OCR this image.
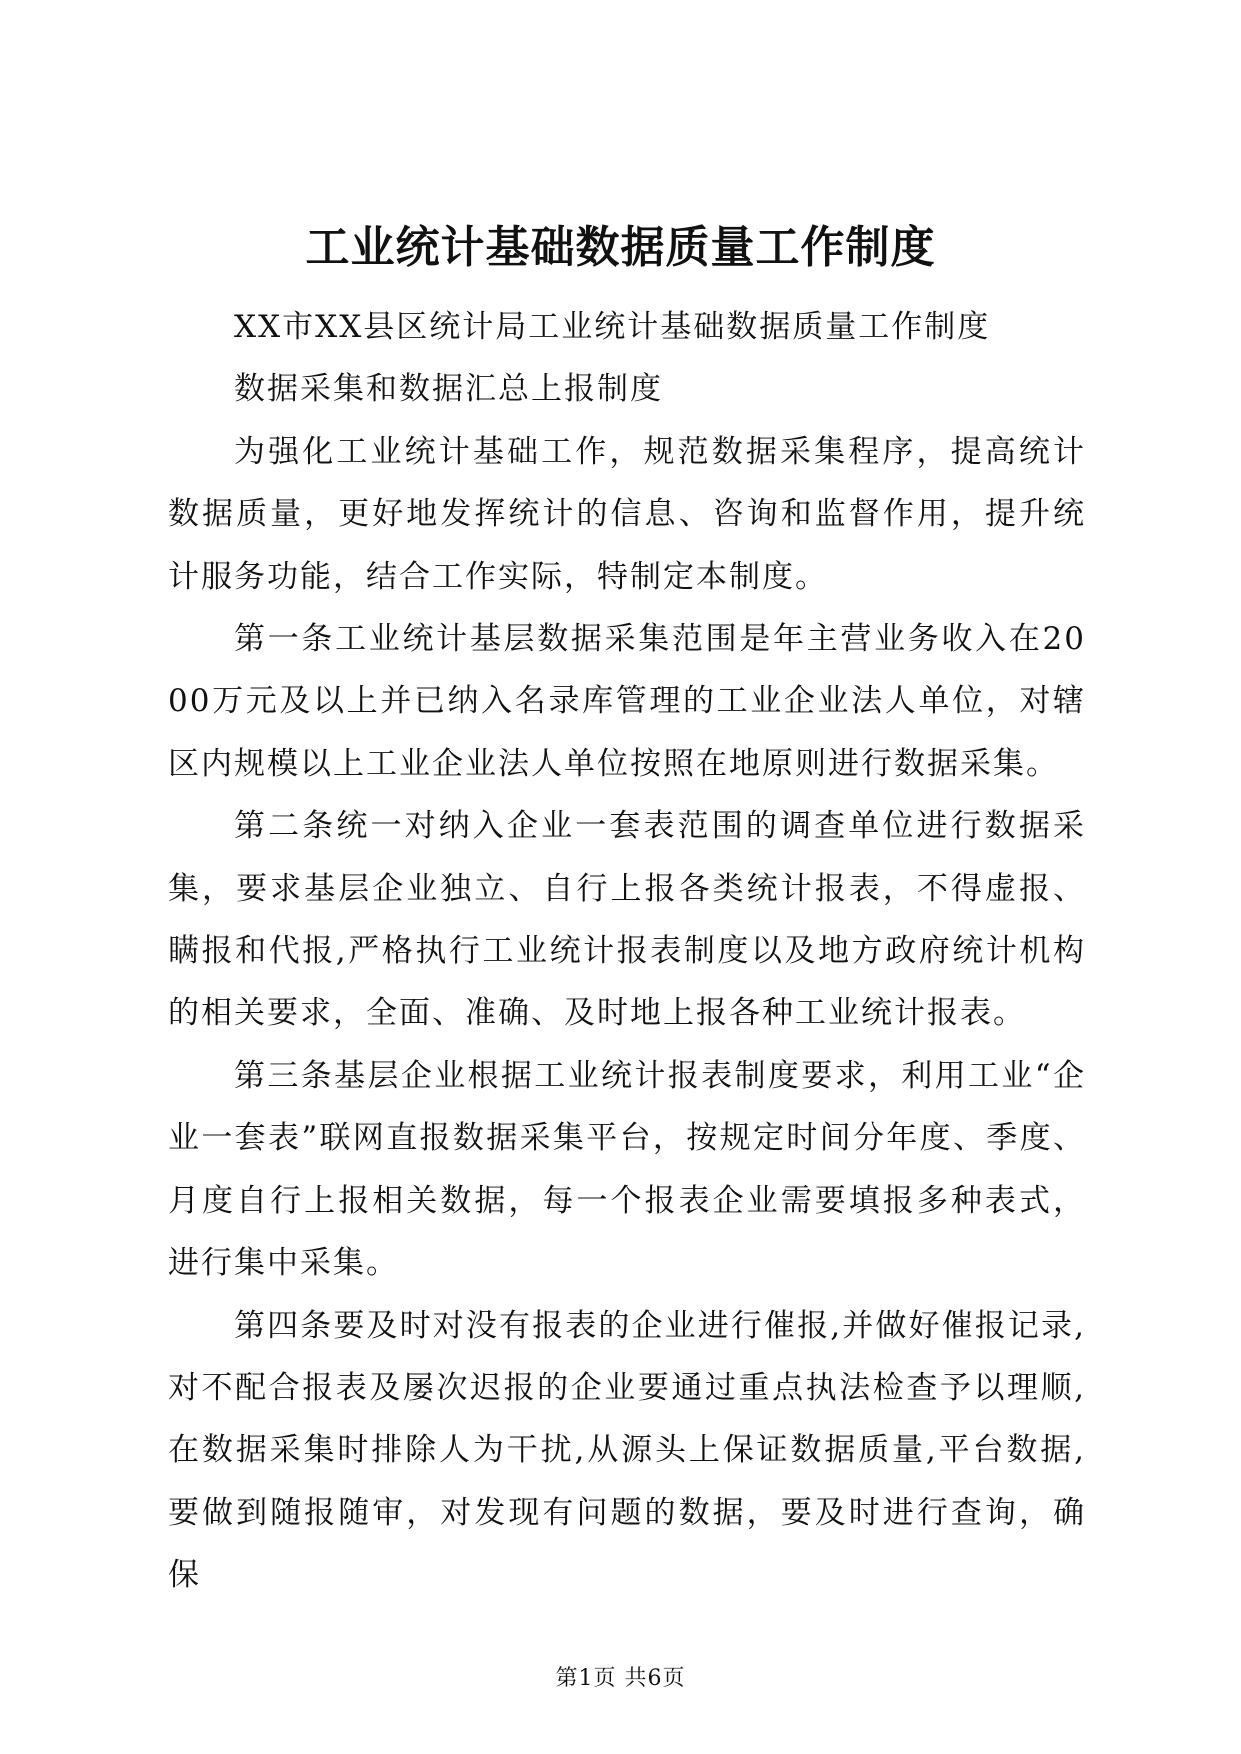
工业统计基础数据质量工作制度

XX市XX县区统计局工业统计基础数据质量工作制度

数据采集和数据汇总上报制度

为强化工业统计基础工作，规范数据采集程序，提高统计数据质量，更好地发挥统计的信息、咨询和监督作用，提升统计服务功能，结合工作实际，特制定本制度。

第一条工业统计基层数据采集范围是年主营业务收入在2000万元及以上并已纳入名录库管理的工业企业法人单位，对辖区内规模以上工业企业法人单位按照在地原则进行数据采集。

第二条统一对纳入企业一套表范围的调查单位进行数据采集，要求基层企业独立、自行上报各类统计报表，不得虚报、瞒报和代报,严格执行工业统计报表制度以及地方政府统计机构的相关要求，全面、准确、及时地上报各种工业统计报表。

第三条基层企业根据工业统计报表制度要求，利用工业“企业一套表”联网直报数据采集平台，按规定时间分年度、季度、月度自行上报相关数据，每一个报表企业需要填报多种表式，进行集中采集。

第四条要及时对没有报表的企业进行催报,并做好催报记录,对不配合报表及屡次迟报的企业要通过重点执法检查予以理顺,在数据采集时排除人为干扰,从源头上保证数据质量,平台数据,要做到随报随审，对发现有问题的数据，要及时进行查询，确保

第1页 共6页
